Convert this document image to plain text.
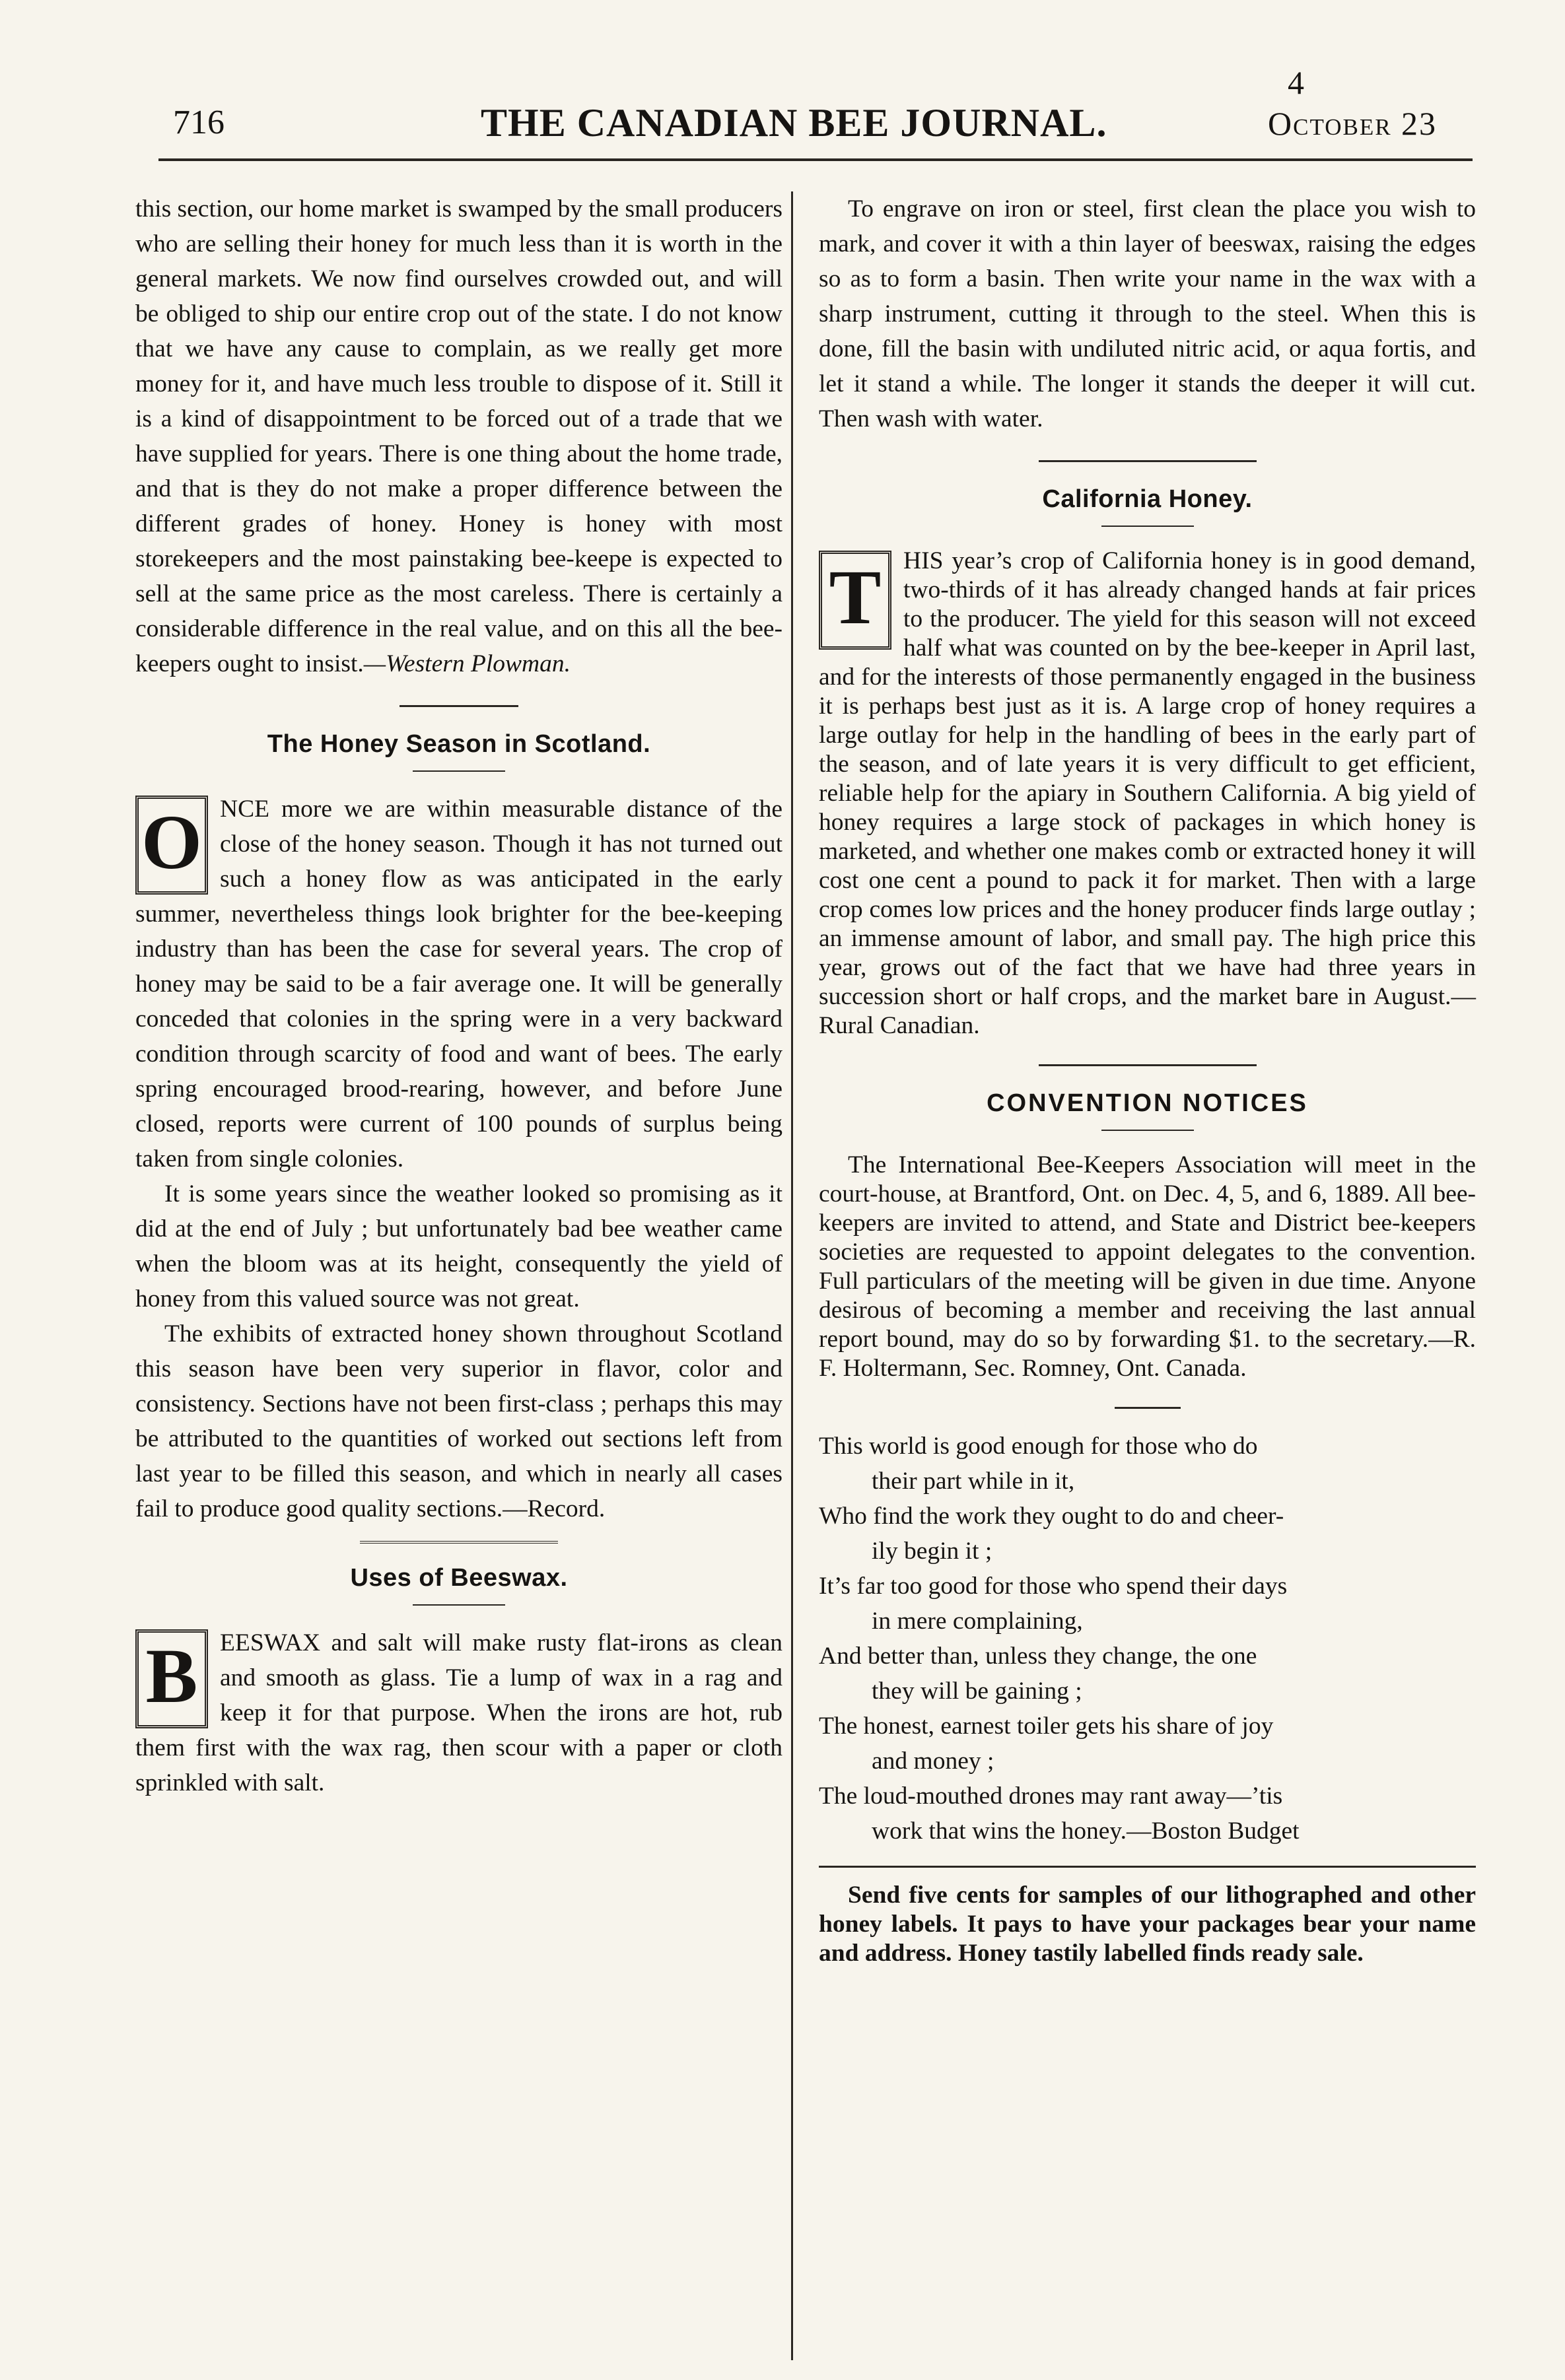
716	THE CANADIAN BEE JOURNAL.
4
October 23

this section, our home market is swamped by the small producers who are selling their honey for much less than it is worth in the general markets. We now find ourselves crowded out, and will be obliged to ship our entire crop out of the state. I do not know that we have any cause to complain, as we really get more money for it, and have much less trouble to dispose of it. Still it is a kind of disappointment to be forced out of a trade that we have supplied for years. There is one thing about the home trade, and that is they do not make a proper difference between the different grades of honey. Honey is honey with most storekeepers and the most painstaking bee-keepe is expected to sell at the same price as the most careless. There is certainly a considerable difference in the real value, and on this all the bee-keepers ought to insist.—Western Plowman.

The Honey Season in Scotland.

O NCE more we are within measurable distance of the close of the honey season. Though it has not turned out such a honey flow as was anticipated in the early summer, nevertheless things look brighter for the bee-keeping industry than has been the case for several years. The crop of honey may be said to be a fair average one. It will be generally conceded that colonies in the spring were in a very backward condition through scarcity of food and want of bees. The early spring encouraged brood-rearing, however, and before June closed, reports were current of 100 pounds of surplus being taken from single colonies.

It is some years since the weather looked so promising as it did at the end of July ; but unfortunately bad bee weather came when the bloom was at its height, consequently the yield of honey from this valued source was not great.

The exhibits of extracted honey shown throughout Scotland this season have been very superior in flavor, color and consistency. Sections have not been first-class ; perhaps this may be attributed to the quantities of worked out sections left from last year to be filled this season, and which in nearly all cases fail to produce good quality sections.—Record.

Uses of Beeswax.

B EESWAX and salt will make rusty flat-irons as clean and smooth as glass. Tie a lump of wax in a rag and keep it for that purpose. When the irons are hot, rub them first with the wax rag, then scour with a paper or cloth sprinkled with salt.

To engrave on iron or steel, first clean the place you wish to mark, and cover it with a thin layer of beeswax, raising the edges so as to form a basin. Then write your name in the wax with a sharp instrument, cutting it through to the steel. When this is done, fill the basin with undiluted nitric acid, or aqua fortis, and let it stand a while. The longer it stands the deeper it will cut. Then wash with water.

California Honey.

T HIS year’s crop of California honey is in good demand, two-thirds of it has already changed hands at fair prices to the producer. The yield for this season will not exceed half what was counted on by the bee-keeper in April last, and for the interests of those permanently engaged in the business it is perhaps best just as it is. A large crop of honey requires a large outlay for help in the handling of bees in the early part of the season, and of late years it is very difficult to get efficient, reliable help for the apiary in Southern California. A big yield of honey requires a large stock of packages in which honey is marketed, and whether one makes comb or extracted honey it will cost one cent a pound to pack it for market. Then with a large crop comes low prices and the honey producer finds large outlay ; an immense amount of labor, and small pay. The high price this year, grows out of the fact that we have had three years in succession short or half crops, and the market bare in August.—Rural Canadian.

CONVENTION NOTICES

The International Bee-Keepers Association will meet in the court-house, at Brantford, Ont. on Dec. 4, 5, and 6, 1889. All bee-keepers are invited to attend, and State and District bee-keepers societies are requested to appoint delegates to the convention. Full particulars of the meeting will be given in due time. Anyone desirous of becoming a member and receiving the last annual report bound, may do so by forwarding $1. to the secretary.—R. F. Holtermann, Sec. Romney, Ont. Canada.

This world is good enough for those who do
their part while in it,
Who find the work they ought to do and cheer-
ily begin it ;
It’s far too good for those who spend their days
in mere complaining,
And better than, unless they change, the one
they will be gaining ;
The honest, earnest toiler gets his share of joy
and money ;
The loud-mouthed drones may rant away—’tis
work that wins the honey.—Boston Budget

Send five cents for samples of our lithographed and other honey labels. It pays to have your packages bear your name and address. Honey tastily labelled finds ready sale.
